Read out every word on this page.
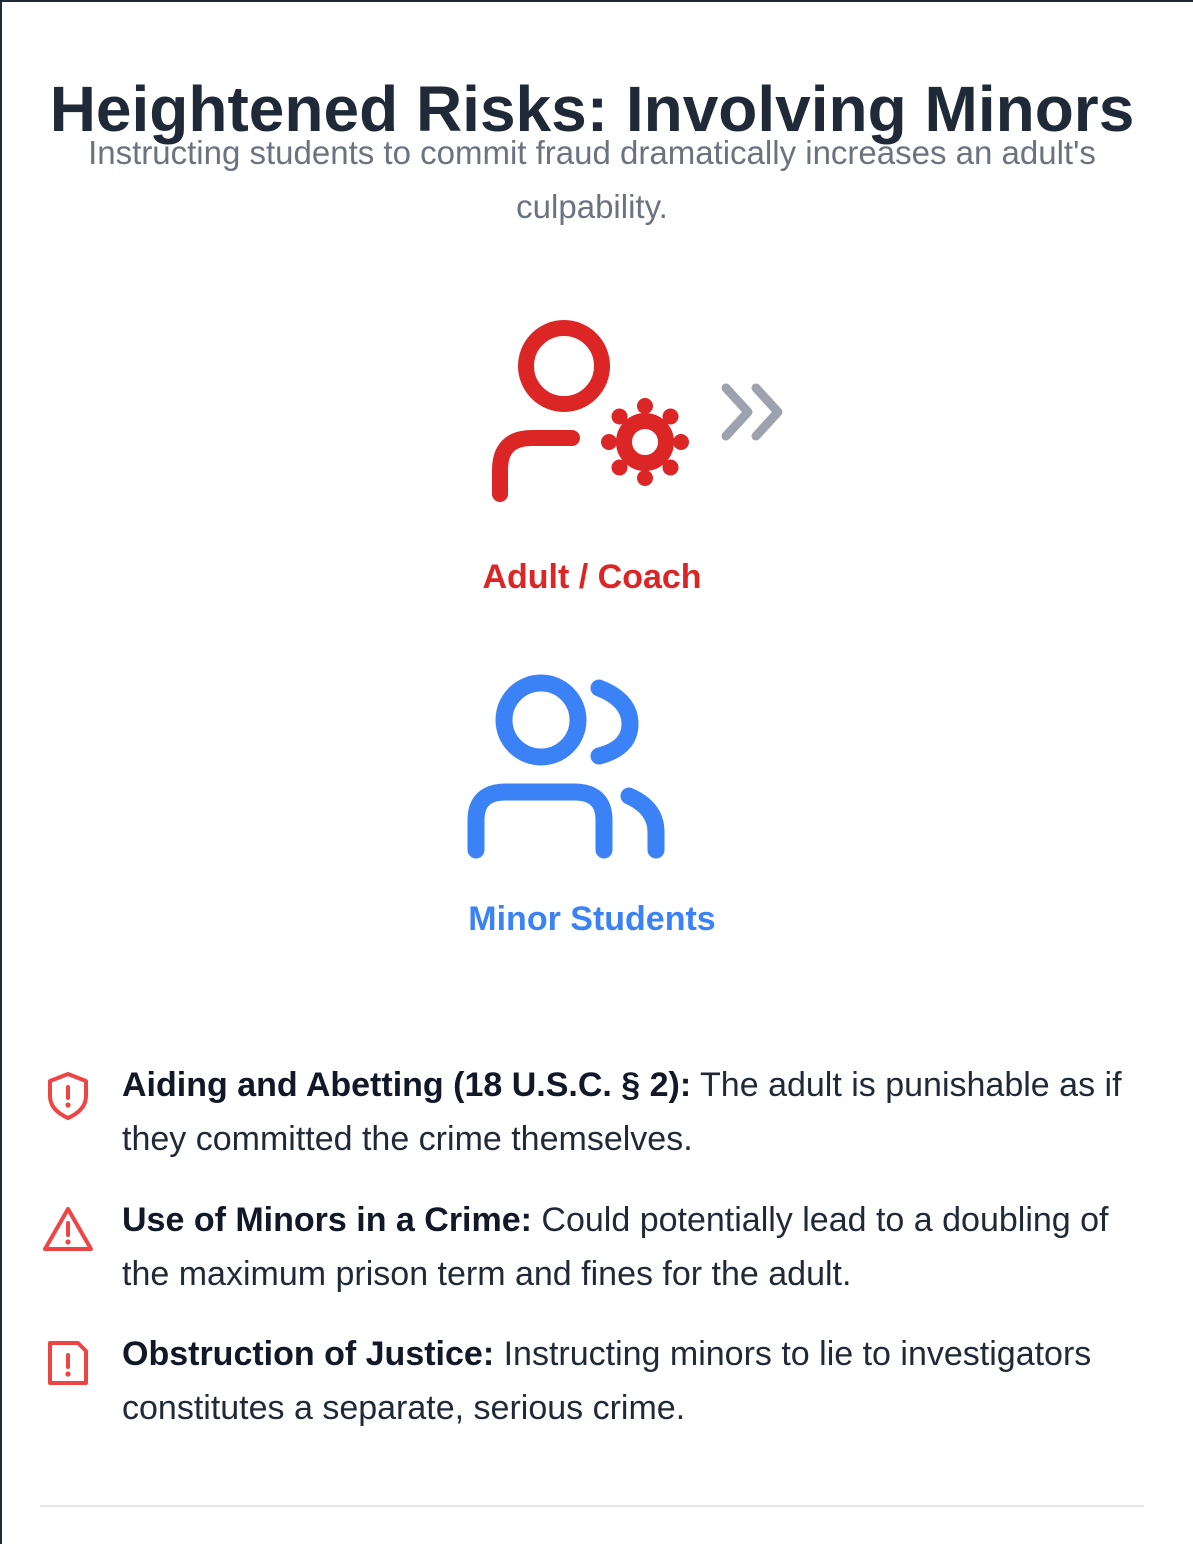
Heightened Risks: Involving Minors

Instructing students to commit fraud dramatically increases an adult's culpability.

Adult / Coach
Minor Students
Aiding and Abetting (18 U.S.C. § 2): The adult is punishable as if they committed the crime themselves.
Use of Minors in a Crime: Could potentially lead to a doubling of the maximum prison term and fines for the adult.
Obstruction of Justice: Instructing minors to lie to investigators constitutes a separate, serious crime.
